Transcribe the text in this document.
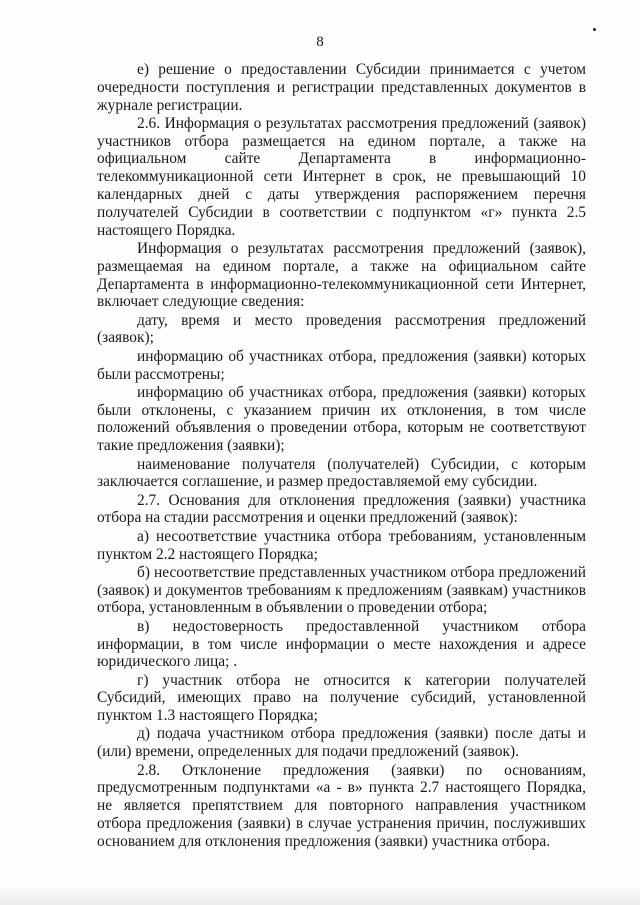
8

е) решение о предоставлении Субсидии принимается с учетом очередности поступления и регистрации представленных документов в журнале регистрации.

2.6. Информация о результатах рассмотрения предложений (заявок) участников отбора размещается на едином портале, а также на официальном сайте Департамента в информационно-телекоммуникационной сети Интернет в срок, не превышающий 10 календарных дней с даты утверждения распоряжением перечня получателей Субсидии в соответствии с подпунктом «г» пункта 2.5 настоящего Порядка.

Информация о результатах рассмотрения предложений (заявок), размещаемая на едином портале, а также на официальном сайте Департамента в информационно-телекоммуникационной сети Интернет, включает следующие сведения:

дату, время и место проведения рассмотрения предложений (заявок);

информацию об участниках отбора, предложения (заявки) которых были рассмотрены;

информацию об участниках отбора, предложения (заявки) которых были отклонены, с указанием причин их отклонения, в том числе положений объявления о проведении отбора, которым не соответствуют такие предложения (заявки);

наименование получателя (получателей) Субсидии, с которым заключается соглашение, и размер предоставляемой ему субсидии.

2.7. Основания для отклонения предложения (заявки) участника отбора на стадии рассмотрения и оценки предложений (заявок):

а) несоответствие участника отбора требованиям, установленным пунктом 2.2 настоящего Порядка;

б) несоответствие представленных участником отбора предложений (заявок) и документов требованиям к предложениям (заявкам) участников отбора, установленным в объявлении о проведении отбора;

в) недостоверность предоставленной участником отбора информации, в том числе информации о месте нахождения и адресе юридического лица; .

г) участник отбора не относится к категории получателей Субсидий, имеющих право на получение субсидий, установленной пунктом 1.3 настоящего Порядка;

д) подача участником отбора предложения (заявки) после даты и (или) времени, определенных для подачи предложений (заявок).

2.8. Отклонение предложения (заявки) по основаниям, предусмотренным подпунктами «а - в» пункта 2.7 настоящего Порядка, не является препятствием для повторного направления участником отбора предложения (заявки) в случае устранения причин, послуживших основанием для отклонения предложения (заявки) участника отбора.
